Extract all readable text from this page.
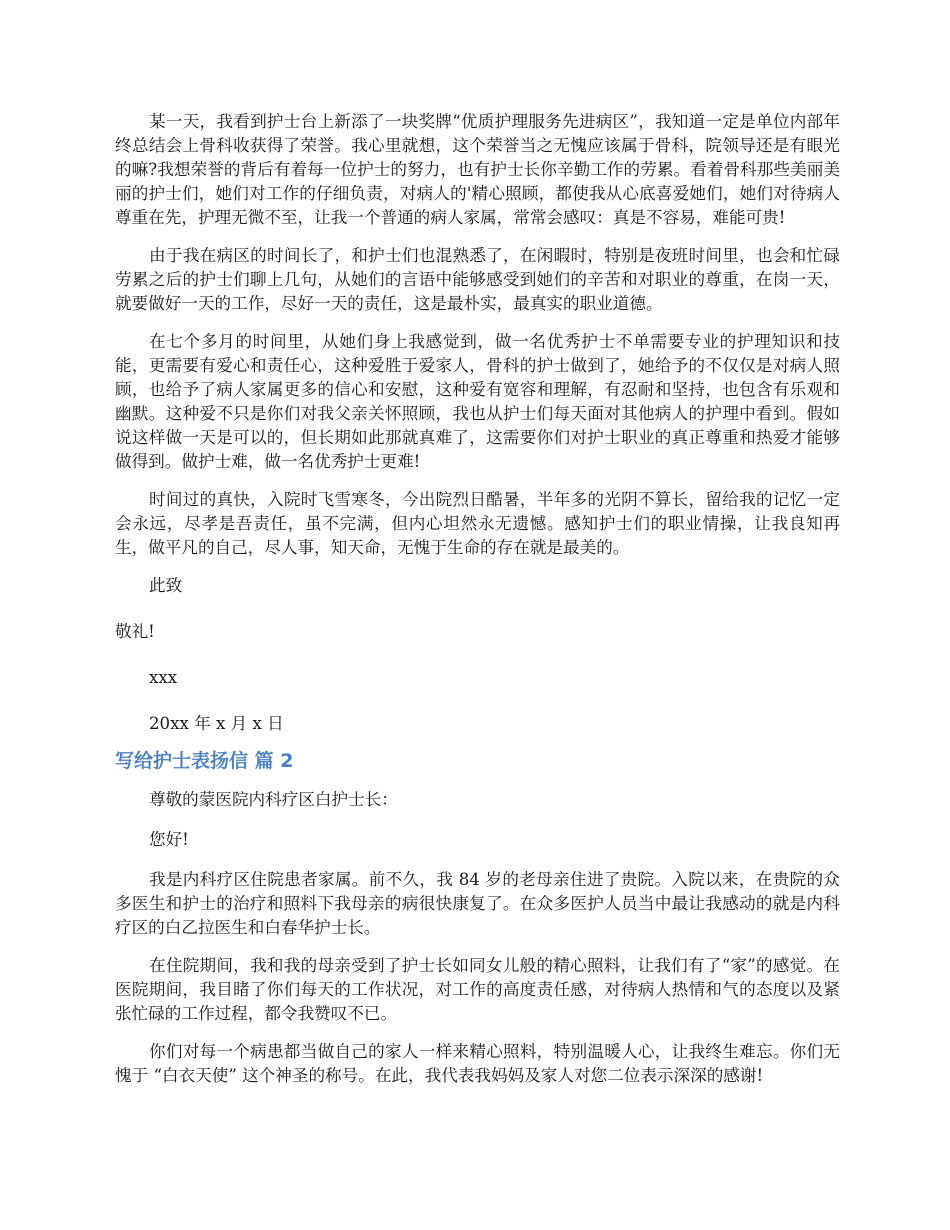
某一天，我看到护士台上新添了一块奖牌“优质护理服务先进病区”，我知道一定是单位内部年终总结会上骨科收获得了荣誉。我心里就想，这个荣誉当之无愧应该属于骨科，院领导还是有眼光的嘛?我想荣誉的背后有着每一位护士的努力，也有护士长你辛勤工作的劳累。看着骨科那些美丽美丽的护士们，她们对工作的仔细负责，对病人的'精心照顾，都使我从心底喜爱她们，她们对待病人尊重在先，护理无微不至，让我一个普通的病人家属，常常会感叹：真是不容易，难能可贵!

由于我在病区的时间长了，和护士们也混熟悉了，在闲暇时，特别是夜班时间里，也会和忙碌劳累之后的护士们聊上几句，从她们的言语中能够感受到她们的辛苦和对职业的尊重，在岗一天，就要做好一天的工作，尽好一天的责任，这是最朴实，最真实的职业道德。

在七个多月的时间里，从她们身上我感觉到，做一名优秀护士不单需要专业的护理知识和技能，更需要有爱心和责任心，这种爱胜于爱家人，骨科的护士做到了，她给予的不仅仅是对病人照顾，也给予了病人家属更多的信心和安慰，这种爱有宽容和理解，有忍耐和坚持，也包含有乐观和幽默。这种爱不只是你们对我父亲关怀照顾，我也从护士们每天面对其他病人的护理中看到。假如说这样做一天是可以的，但长期如此那就真难了，这需要你们对护士职业的真正尊重和热爱才能够做得到。做护士难，做一名优秀护士更难!

时间过的真快，入院时飞雪寒冬，今出院烈日酷暑，半年多的光阴不算长，留给我的记忆一定会永远，尽孝是吾责任，虽不完满，但内心坦然永无遗憾。感知护士们的职业情操，让我良知再生，做平凡的自己，尽人事，知天命，无愧于生命的存在就是最美的。

此致

敬礼!

xxx

20xx 年 x 月 x 日

写给护士表扬信 篇 2

尊敬的蒙医院内科疗区白护士长：

您好!

我是内科疗区住院患者家属。前不久，我 84 岁的老母亲住进了贵院。入院以来，在贵院的众多医生和护士的治疗和照料下我母亲的病很快康复了。在众多医护人员当中最让我感动的就是内科疗区的白乙拉医生和白春华护士长。

在住院期间，我和我的母亲受到了护士长如同女儿般的精心照料，让我们有了“家”的感觉。在医院期间，我目睹了你们每天的工作状况，对工作的高度责任感，对待病人热情和气的态度以及紧张忙碌的工作过程，都令我赞叹不已。

你们对每一个病患都当做自己的家人一样来精心照料，特别温暖人心，让我终生难忘。你们无愧于 “白衣天使” 这个神圣的称号。在此，我代表我妈妈及家人对您二位表示深深的感谢!
